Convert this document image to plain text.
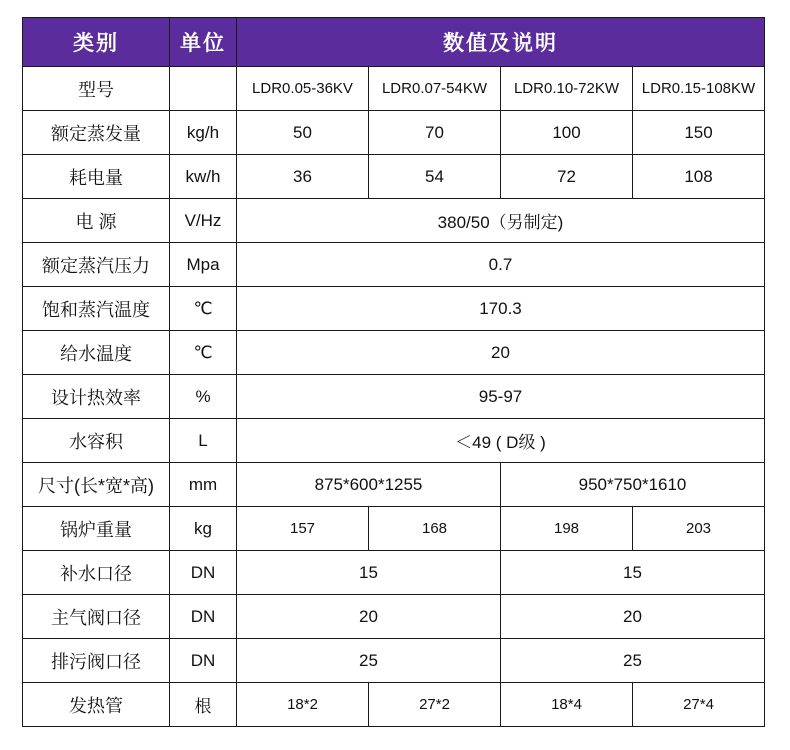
类别	单位	数值及说明			
型号		LDR0.05-36KV	LDR0.07-54KW	LDR0.10-72KW	LDR0.15-108KW
额定蒸发量	kg/h	50	70	100	150
耗电量	kw/h	36	54	72	108
电 源	V/Hz	380/50（另制定)			
额定蒸汽压力	Mpa	0.7			
饱和蒸汽温度	℃	170.3			
给水温度	℃	20			
设计热效率	%	95-97			
水容积	L	＜49 ( D级 )			
尺寸(长*宽*高)	mm	875*600*1255		950*750*1610	
锅炉重量	kg	157	168	198	203
补水口径	DN	15		15	
主气阀口径	DN	20		20	
排污阀口径	DN	25		25	
发热管	根	18*2	27*2	18*4	27*4
